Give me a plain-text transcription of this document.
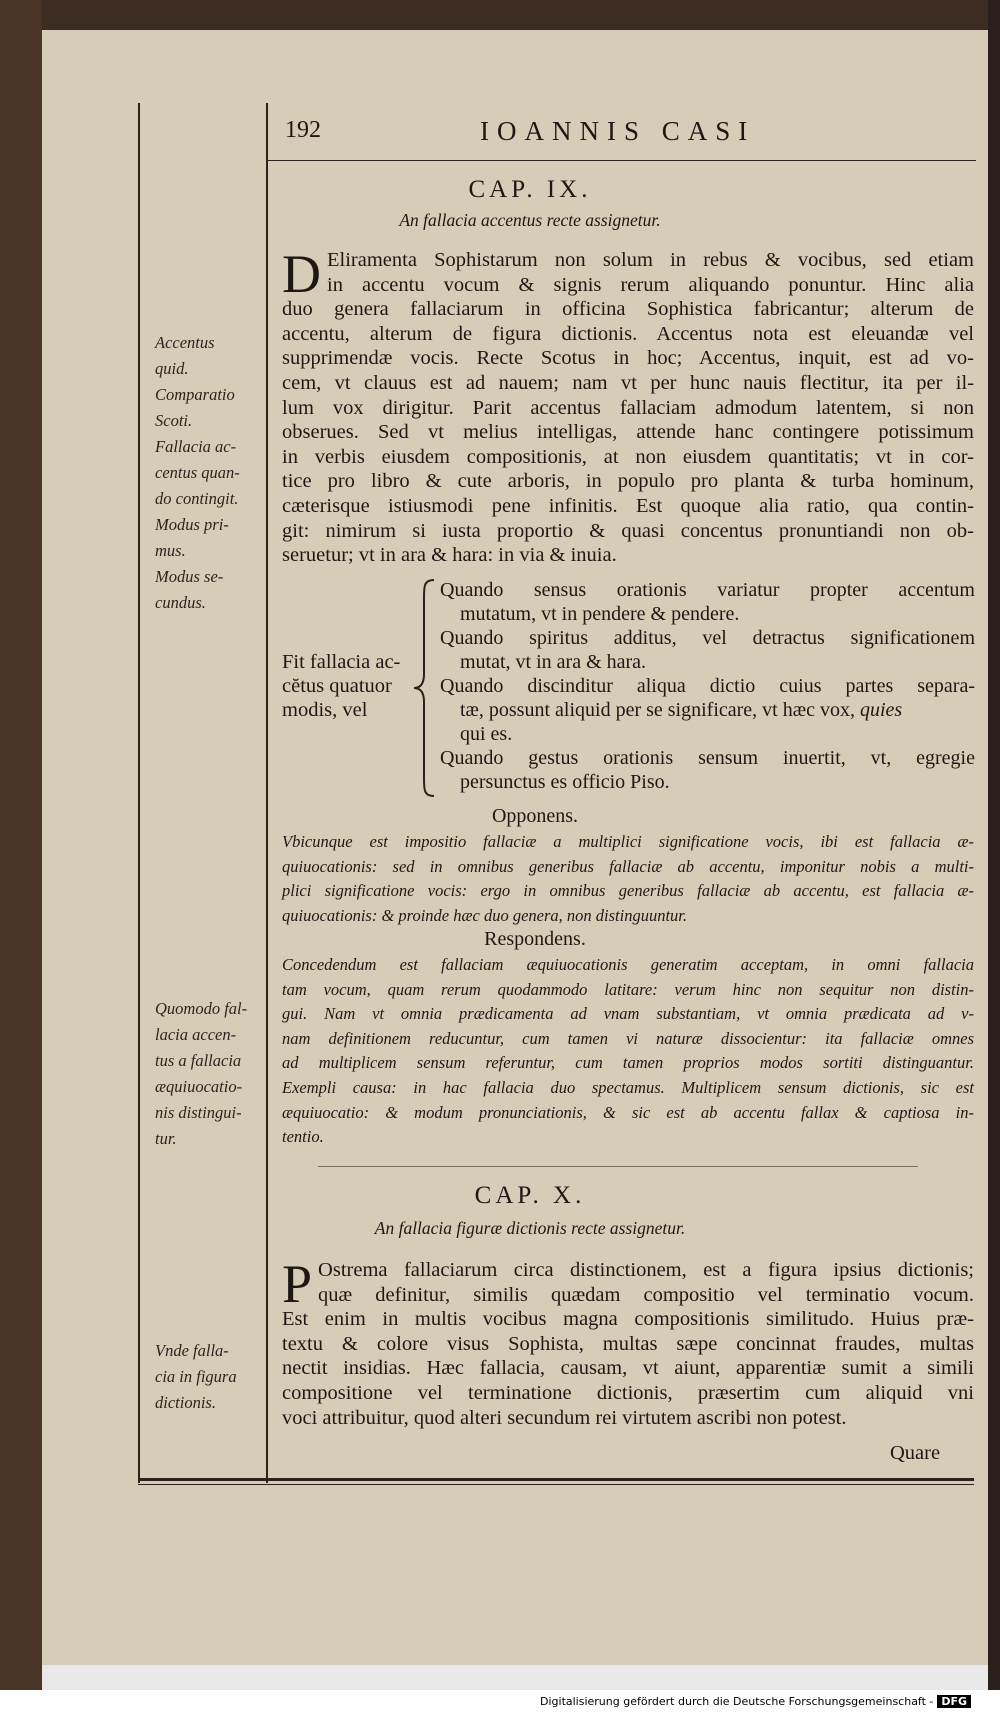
192	IOANNIS CASI
CAP. IX.
An fallacia accentus recte assignetur.
D Eliramenta Sophistarum non solum in rebus & vocibus, sed etiam
in accentu vocum & signis rerum aliquando ponuntur. Hinc alia
duo genera fallaciarum in officina Sophistica fabricantur; alterum de
accentu, alterum de figura dictionis. Accentus nota est eleuandæ vel
supprimendæ vocis. Recte Scotus in hoc; Accentus, inquit, est ad vo-
cem, vt clauus est ad nauem; nam vt per hunc nauis flectitur, ita per il-
lum vox dirigitur. Parit accentus fallaciam admodum latentem, si non
obserues. Sed vt melius intelligas, attende hanc contingere potissimum
in verbis eiusdem compositionis, at non eiusdem quantitatis; vt in cor-
tice pro libro & cute arboris, in populo pro planta & turba hominum,
cæterisque istiusmodi pene infinitis. Est quoque alia ratio, qua contin-
git: nimirum si iusta proportio & quasi concentus pronuntiandi non ob-
seruetur; vt in ara & hara: in via & inuia.
Fit fallacia ac-
cĕtus quatuor
modis, vel
Quando sensus orationis variatur propter accentum
mutatum, vt in pendere & pendere.
Quando spiritus additus, vel detractus significationem
mutat, vt in ara & hara.
Quando discinditur aliqua dictio cuius partes separa-
tæ, possunt aliquid per se significare, vt hæc vox, quies
qui es.
Quando gestus orationis sensum inuertit, vt, egregie
persunctus es officio Piso.
Opponens.
Vbicunque est impositio fallaciæ a multiplici significatione vocis, ibi est fallacia æ-
quiuocationis: sed in omnibus generibus fallaciæ ab accentu, imponitur nobis a multi-
plici significatione vocis: ergo in omnibus generibus fallaciæ ab accentu, est fallacia æ-
quiuocationis: & proinde hæc duo genera, non distinguuntur.
Respondens.
Concedendum est fallaciam æquiuocationis generatim acceptam, in omni fallacia
tam vocum, quam rerum quodammodo latitare: verum hinc non sequitur non distin-
gui. Nam vt omnia prædicamenta ad vnam substantiam, vt omnia prædicata ad v-
nam definitionem reducuntur, cum tamen vi naturæ dissocientur: ita fallaciæ omnes
ad multiplicem sensum referuntur, cum tamen proprios modos sortiti distinguantur.
Exempli causa: in hac fallacia duo spectamus. Multiplicem sensum dictionis, sic est
æquiuocatio: & modum pronunciationis, & sic est ab accentu fallax & captiosa in-
tentio.
CAP. X.
An fallacia figuræ dictionis recte assignetur.
P Ostrema fallaciarum circa distinctionem, est a figura ipsius dictionis;
quæ definitur, similis quædam compositio vel terminatio vocum.
Est enim in multis vocibus magna compositionis similitudo. Huius præ-
textu & colore visus Sophista, multas sæpe concinnat fraudes, multas
nectit insidias. Hæc fallacia, causam, vt aiunt, apparentiæ sumit a simili
compositione vel terminatione dictionis, præsertim cum aliquid vni
voci attribuitur, quod alteri secundum rei virtutem ascribi non potest.
Quare
Accentus
quid.
Comparatio
Scoti.
Fallacia ac-
centus quan-
do contingit.
Modus pri-
mus.
Modus se-
cundus.
Quomodo fal-
lacia accen-
tus a fallacia
æquiuocatio-
nis distingui-
tur.
Vnde falla-
cia in figura
dictionis.
Digitalisierung gefördert durch die Deutsche Forschungsgemeinschaft - DFG
